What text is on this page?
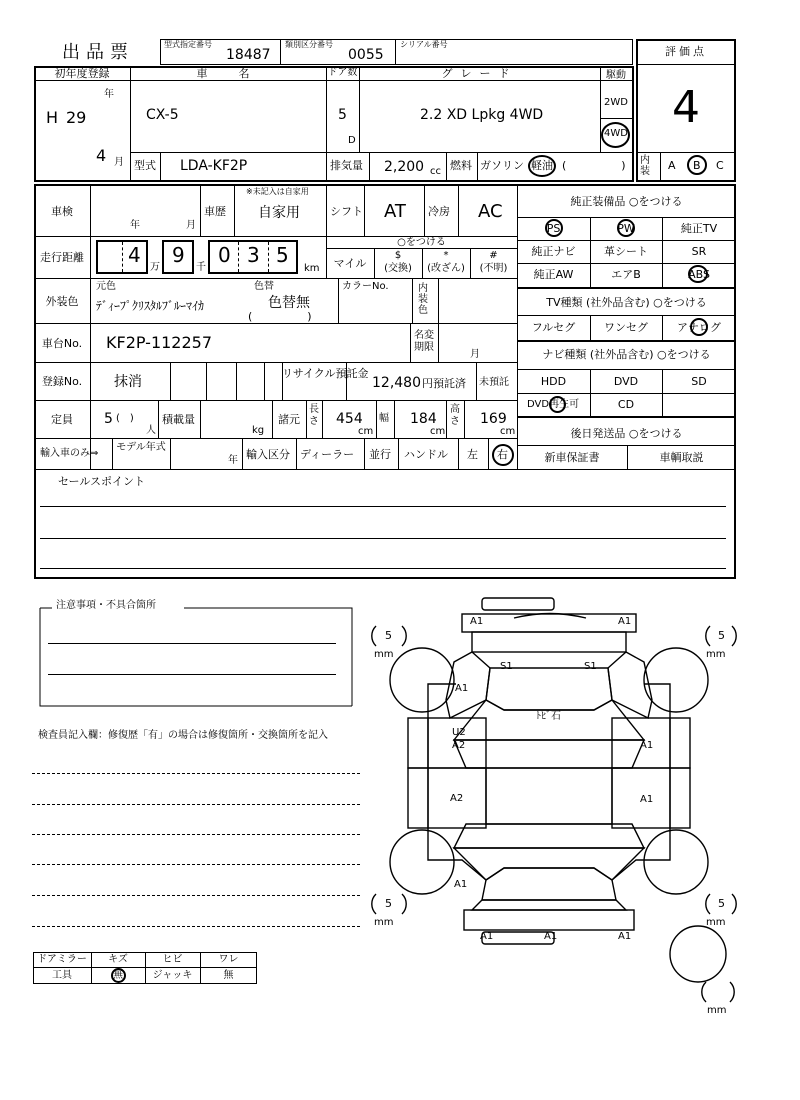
出品票	型式指定番号
18487
類別区分番号
0055
シリアル番号
評価点
4
初年度登録
H 29
年
4 月
車　名
CX-5
ドア数
5
D
グレード
2.2 XD Lpkg 4WD
駆動
2WD
4WD
型式 LDA-KF2P	排気量 2,200 cc 燃料 ガソリン 軽油 (　　　　　) 内装	A B C
車検
年	月
車歴
※未記入は自家用
自家用	シフト AT 冷房 AC
走行距離	4
万
9
千
0 3 5
km
○をつける
マイル
$
(交換)
*
(改ざん)
#
(不明)
外装色
元色
ﾃﾞｨｰﾌﾟｸﾘｽﾀﾙﾌﾞﾙｰﾏｲｶ
色替
色替無
(　　　　　)
カラーNo.	内装色
車台No.	KF2P-112257	名変期限
月
登録No.	抹消
リサイクル預託金
12,480 円預託済 未預託
定員	5 (　)
人
積載量
kg
諸元
長さ 454
cm
幅 184
cm
高さ 169
cm
輸入車のみ⇒
モデル年式
年 輸入区分 ディーラー 並行 ハンドル 左 右
セールスポイント
純正装備品 ○をつける
PS	PW	純正TV
純正ナビ	革シート	SR
純正AW	エアB	ABS
TV種類 (社外品含む) ○をつける
フルセグ	ワンセグ	アナログ
ナビ種類 (社外品含む) ○をつける
HDD	DVD	SD
DVD再生可	CD
後日発送品 ○をつける
新車保証書	車輌取説
注意事項・不具合箇所
検査員記入欄：修復歴「有」の場合は修復箇所・交換箇所を記入
ドアミラー	キズ	ヒビ	ワレ
工具	無	ジャッキ	無
A1	A1
S1	S1
ﾄﾋﾞ石
A1
U2
A2
A2
A1
A1
A1
A1	A1	A1
5
mm
5
mm
5
mm
5
mm
mm
